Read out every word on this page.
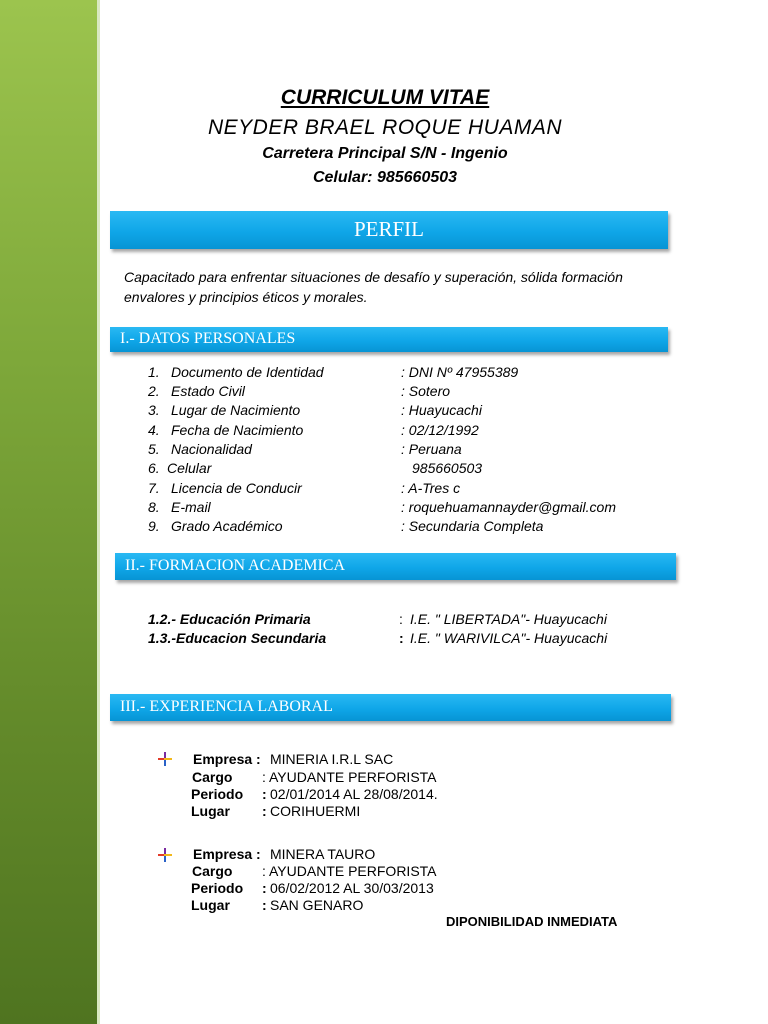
CURRICULUM VITAE
NEYDER BRAEL ROQUE HUAMAN
Carretera Principal S/N - Ingenio
Celular: 985660503
PERFIL
Capacitado para enfrentar situaciones de desafío y superación, sólida formación envalores y principios éticos y morales.
I.- DATOS PERSONALES
1. Documento de Identidad	: DNI Nº 47955389
2. Estado Civil	: Sotero
3. Lugar de Nacimiento	: Huayucachi
4. Fecha de Nacimiento	: 02/12/1992
5. Nacionalidad	: Peruana
6. Celular	985660503
7. Licencia de Conducir	: A-Tres c
8. E-mail	: roquehuamannayder@gmail.com
9. Grado Académico	: Secundaria Completa
II.- FORMACION ACADEMICA
1.2.- Educación Primaria	: I.E. " LIBERTADA"- Huayucachi
1.3.-Educacion Secundaria	: I.E. " WARIVILCA"- Huayucachi
III.- EXPERIENCIA LABORAL
Empresa : MINERIA I.R.L SAC
Cargo : AYUDANTE PERFORISTA
Periodo : 02/01/2014 AL 28/08/2014.
Lugar : CORIHUERMI
Empresa : MINERA TAURO
Cargo : AYUDANTE PERFORISTA
Periodo : 06/02/2012 AL 30/03/2013
Lugar : SAN GENARO
DIPONIBILIDAD INMEDIATA
